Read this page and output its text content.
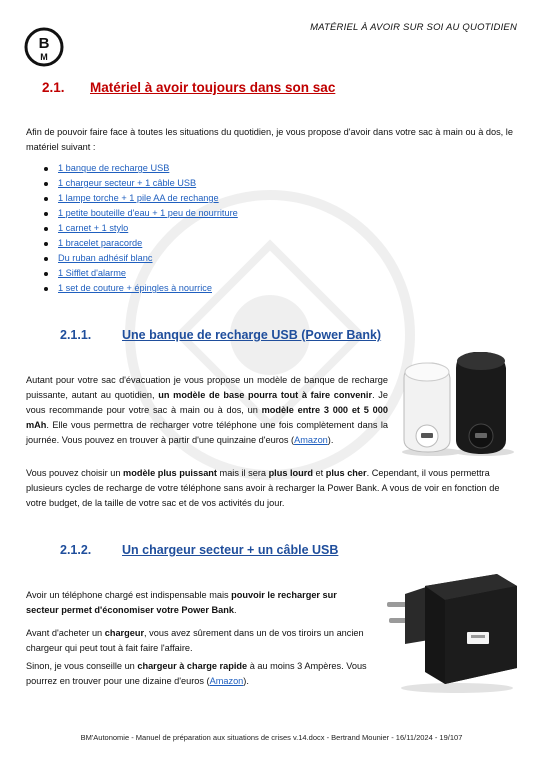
MATÉRIEL À AVOIR SUR SOI AU QUOTIDIEN
B
M
2.1. Matériel à avoir toujours dans son sac

Afin de pouvoir faire face à toutes les situations du quotidien, je vous propose d'avoir dans votre sac à main ou à dos, le matériel suivant :

1 banque de recharge USB
1 chargeur secteur + 1 câble USB
1 lampe torche + 1 pile AA de rechange
1 petite bouteille d'eau + 1 peu de nourriture
1 carnet + 1 stylo
1 bracelet paracorde
Du ruban adhésif blanc
1 Sifflet d'alarme
1 set de couture + épingles à nourrice
2.1.1. Une banque de recharge USB (Power Bank)

Autant pour votre sac d'évacuation je vous propose un modèle de banque de recharge puissante, autant au quotidien, un modèle de base pourra tout à faire convenir. Je vous recommande pour votre sac à main ou à dos, un modèle entre 3 000 et 5 000 mAh. Elle vous permettra de recharger votre téléphone une fois complètement dans la journée. Vous pouvez en trouver à partir d'une quinzaine d'euros (Amazon).

Vous pouvez choisir un modèle plus puissant mais il sera plus lourd et plus cher. Cependant, il vous permettra plusieurs cycles de recharge de votre téléphone sans avoir à recharger la Power Bank. A vous de voir en fonction de votre budget, de la taille de votre sac et de vos activités du jour.

2.1.2. Un chargeur secteur + un câble USB

Avoir un téléphone chargé est indispensable mais pouvoir le recharger sur secteur permet d'économiser votre Power Bank.

Avant d'acheter un chargeur, vous avez sûrement dans un de vos tiroirs un ancien chargeur qui peut tout à fait faire l'affaire.

Sinon, je vous conseille un chargeur à charge rapide à au moins 3 Ampères. Vous pourrez en trouver pour une dizaine d'euros (Amazon).

BM'Autonomie - Manuel de préparation aux situations de crises v.14.docx - Bertrand Mounier - 16/11/2024 - 19/107
